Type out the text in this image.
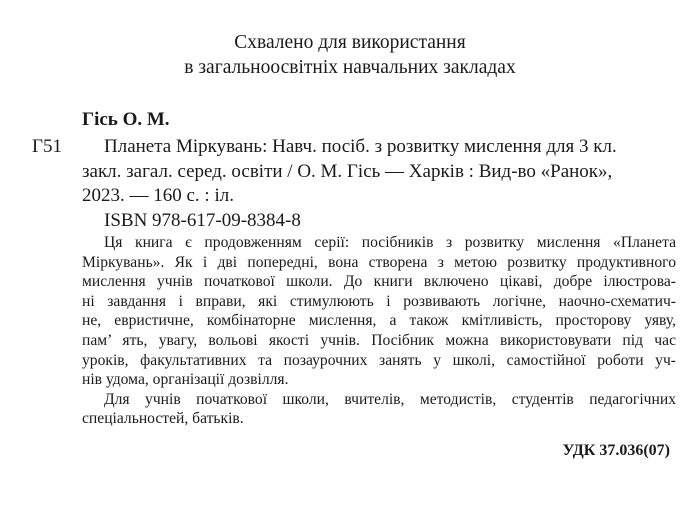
Схвалено для використання
в загальноосвітніх навчальних закладах
Гісь О. М.
Г51	Планета Міркувань: Навч. посіб. з розвитку мислення для 3 кл.
закл. загал. серед. освіти / О. М. Гісь — Харків : Вид-во «Ранок»,
2023. — 160 с. : іл.
ISBN 978-617-09-8384-8
Ця книга є продовженням серії: посібників з розвитку мислення «Планета
Міркувань». Як і дві попередні, вона створена з метою розвитку продуктивного
мислення учнів початкової школи. До книги включено цікаві, добре ілюстрова-
ні завдання і вправи, які стимулюють і розвивають логічне, наочно-схематич-
не, евристичне, комбінаторне мислення, а також кмітливість, просторову уяву,
пам’ ять, увагу, вольові якості учнів. Посібник можна використовувати під час
уроків, факультативних та позаурочних занять у школі, самостійної роботи уч-
нів удома, організації дозвілля.
Для учнів початкової школи, вчителів, методистів, студентів педагогічних
спеціальностей, батьків.
УДК 37.036(07)
